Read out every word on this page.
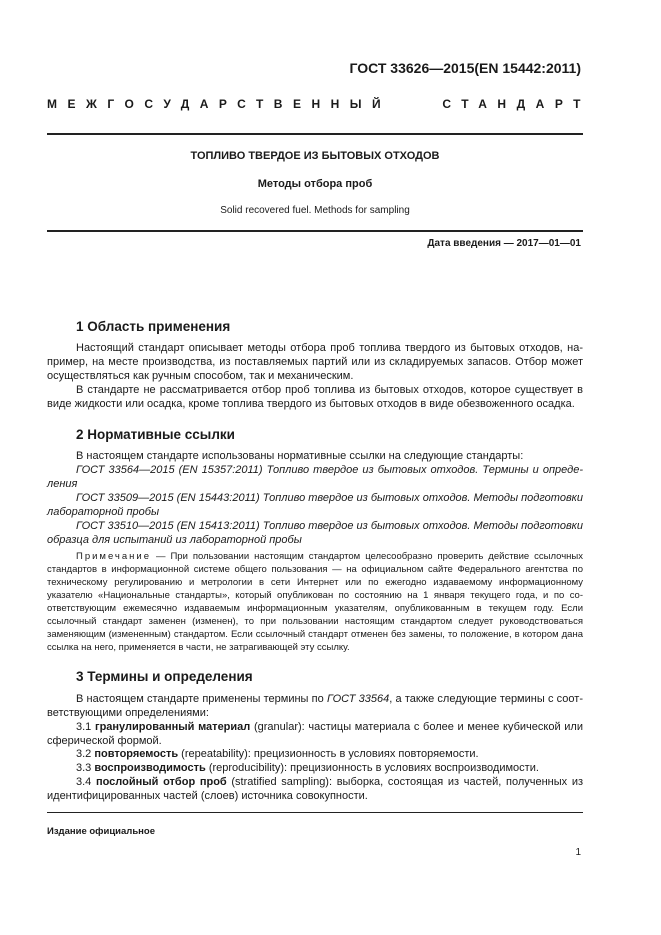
ГОСТ 33626—2015(EN 15442:2011)
МЕЖГОСУДАРСТВЕННЫЙ	СТАНДАРТ
ТОПЛИВО ТВЕРДОЕ ИЗ БЫТОВЫХ ОТХОДОВ
Методы отбора проб
Solid recovered fuel. Methods for sampling
Дата введения — 2017—01—01
1 Область применения

Настоящий стандарт описывает методы отбора проб топлива твердого из бытовых отходов, на-пример, на месте производства, из поставляемых партий или из складируемых запасов. Отбор может осуществляться как ручным способом, так и механическим.

В стандарте не рассматривается отбор проб топлива из бытовых отходов, которое существует в виде жидкости или осадка, кроме топлива твердого из бытовых отходов в виде обезвоженного осадка.

2 Нормативные ссылки

В настоящем стандарте использованы нормативные ссылки на следующие стандарты:

ГОСТ 33564—2015 (EN 15357:2011) Топливо твердое из бытовых отходов. Термины и опреде-ления

ГОСТ 33509—2015 (EN 15443:2011) Топливо твердое из бытовых отходов. Методы подготовки лабораторной пробы

ГОСТ 33510—2015 (EN 15413:2011) Топливо твердое из бытовых отходов. Методы подготовки образца для испытаний из лабораторной пробы

Примечание — При пользовании настоящим стандартом целесообразно проверить действие ссылочных стандартов в информационной системе общего пользования — на официальном сайте Федерального агентства по техническому регулированию и метрологии в сети Интернет или по ежегодно издаваемому информационному указателю «Национальные стандарты», который опубликован по состоянию на 1 января текущего года, и по со-ответствующим ежемесячно издаваемым информационным указателям, опубликованным в текущем году. Если ссылочный стандарт заменен (изменен), то при пользовании настоящим стандартом следует руководствоваться заменяющим (измененным) стандартом. Если ссылочный стандарт отменен без замены, то положение, в котором дана ссылка на него, применяется в части, не затрагивающей эту ссылку.

3 Термины и определения

В настоящем стандарте применены термины по ГОСТ 33564, а также следующие термины с соот-ветствующими определениями:

3.1 гранулированный материал (granular): частицы материала с более и менее кубической или сферической формой.

3.2 повторяемость (repeatability): прецизионность в условиях повторяемости.

3.3 воспроизводимость (reproducibility): прецизионность в условиях воспроизводимости.

3.4 послойный отбор проб (stratified sampling): выборка, состоящая из частей, полученных из идентифицированных частей (слоев) источника совокупности.

Издание официальное
1
